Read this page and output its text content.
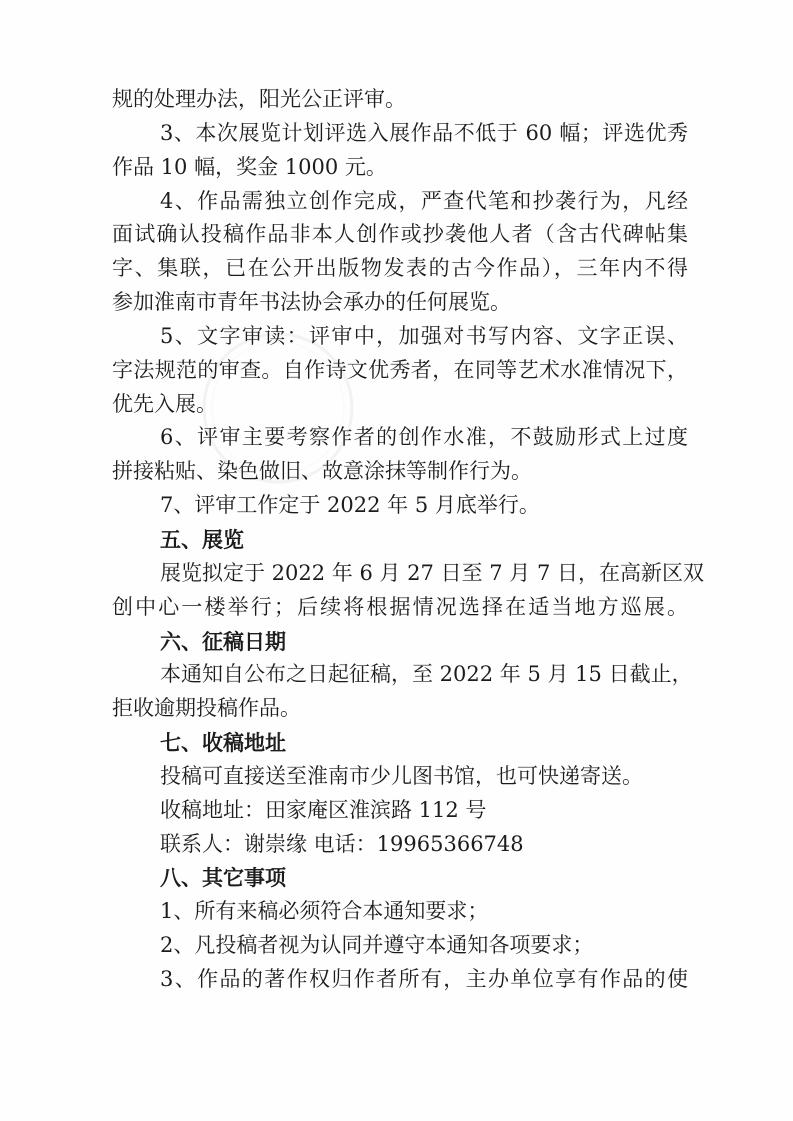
规的处理办法，阳光公正评审。
3、本次展览计划评选入展作品不低于 60 幅；评选优秀
作品 10 幅，奖金 1000 元。
4、作品需独立创作完成，严查代笔和抄袭行为，凡经
面试确认投稿作品非本人创作或抄袭他人者（含古代碑帖集
字、集联，已在公开出版物发表的古今作品），三年内不得
参加淮南市青年书法协会承办的任何展览。
5、文字审读：评审中，加强对书写内容、文字正误、
字法规范的审查。自作诗文优秀者，在同等艺术水准情况下，
优先入展。
6、评审主要考察作者的创作水准，不鼓励形式上过度
拼接粘贴、染色做旧、故意涂抹等制作行为。
7、评审工作定于 2022 年 5 月底举行。
五、展览
展览拟定于 2022 年 6 月 27 日至 7 月 7 日，在高新区双
创中心一楼举行；后续将根据情况选择在适当地方巡展。
六、征稿日期
本通知自公布之日起征稿，至 2022 年 5 月 15 日截止，
拒收逾期投稿作品。
七、收稿地址
投稿可直接送至淮南市少儿图书馆，也可快递寄送。
收稿地址：田家庵区淮滨路 112 号
联系人：谢崇缘 电话：19965366748
八、其它事项
1、所有来稿必须符合本通知要求；
2、凡投稿者视为认同并遵守本通知各项要求；
3、作品的著作权归作者所有，主办单位享有作品的使
